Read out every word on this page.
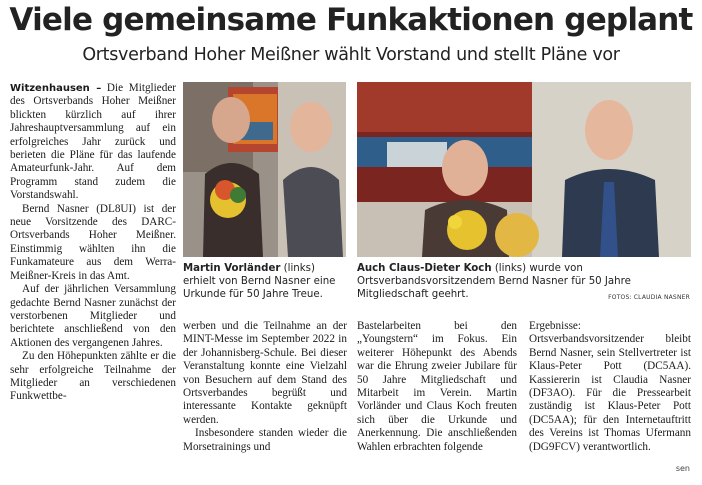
Viele gemeinsame Funkaktionen geplant
Ortsverband Hoher Meißner wählt Vorstand und stellt Pläne vor

Witzenhausen – Die Mitglieder des Ortsverbands Hoher Meißner blickten kürzlich auf ihrer Jahreshauptversammlung auf ein erfolgreiches Jahr zurück und berieten die Pläne für das laufende Amateurfunk-Jahr. Auf dem Programm stand zudem die Vorstandswahl.

Bernd Nasner (DL8UI) ist der neue Vorsitzende des DARC-Ortsverbands Hoher Meißner. Einstimmig wählten ihn die Funkamateure aus dem Werra-Meißner-Kreis in das Amt.

Auf der jährlichen Versammlung gedachte Bernd Nasner zunächst der verstorbenen Mitglieder und berichtete anschließend von den Aktionen des vergangenen Jahres.

Zu den Höhepunkten zählte er die sehr erfolgreiche Teilnahme der Mitglieder an verschiedenen Funkwettbe-

Martin Vorländer (links) erhielt von Bernd Nasner eine Urkunde für 50 Jahre Treue.
Auch Claus-Dieter Koch (links) wurde von Ortsverbandsvorsitzendem Bernd Nasner für 50 Jahre Mitgliedschaft geehrt.	FOTOS: CLAUDIA NASNER

werben und die Teilnahme an der MINT-Messe im September 2022 in der Johannisberg-Schule. Bei dieser Veranstaltung konnte eine Vielzahl von Besuchern auf dem Stand des Ortsverbandes begrüßt und interessante Kontakte geknüpft werden.

Insbesondere standen wieder die Morsetrainings und

Bastelarbeiten bei den „Youngstern“ im Fokus. Ein weiterer Höhepunkt des Abends war die Ehrung zweier Jubilare für 50 Jahre Mitgliedschaft und Mitarbeit im Verein. Martin Vorländer und Claus Koch freuten sich über die Urkunde und Anerkennung. Die anschließenden Wahlen erbrachten folgende

Ergebnisse: Ortsverbandsvorsitzender bleibt Bernd Nasner, sein Stellvertreter ist Klaus-Peter Pott (DC5AA). Kassiererin ist Claudia Nasner (DF3AO). Für die Pressearbeit zuständig ist Klaus-Peter Pott (DC5AA); für den Internetauftritt des Vereins ist Thomas Ufermann (DG9FCV) verantwortlich.

sen
